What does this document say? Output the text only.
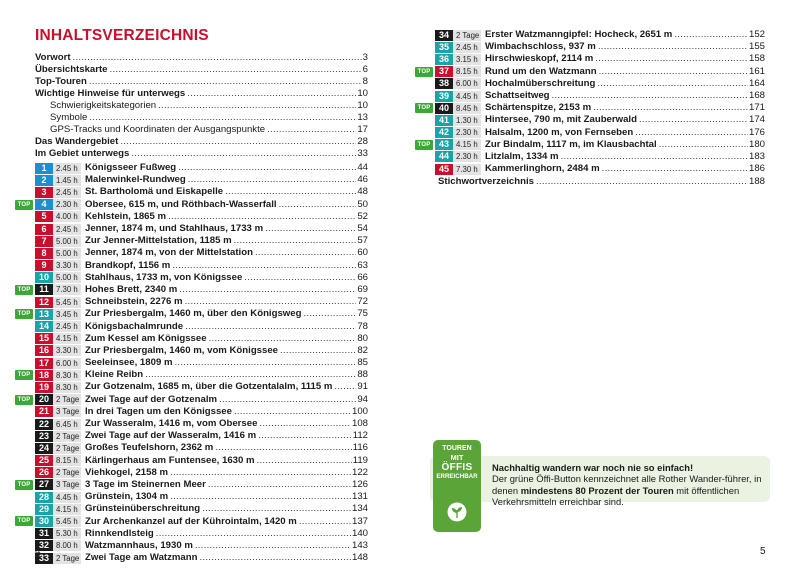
INHALTSVERZEICHNIS
Vorwort . . .	3
Übersichtskarte . . .	6
Top-Touren . . .	8
Wichtige Hinweise für unterwegs . . .	10
Schwierigkeitskategorien . . .	10
Symbole . . .	13
GPS-Tracks und Koordinaten der Ausgangspunkte . . .	17
Das Wandergebiet . . .	28
Im Gebiet unterwegs . . .	33
1	2.45 h Königsseer Fußweg . . .	44
2	1.45 h Malerwinkel-Rundweg . . .	46
3	2.45 h St. Bartholomä und Eiskapelle . . .	48
TOP	4	2.30 h Obersee, 615 m, und Röthbach-Wasserfall . . .	50
5	4.00 h Kehlstein, 1865 m . . .	52
6	2.45 h Jenner, 1874 m, und Stahlhaus, 1733 m . . .	54
7	5.00 h Zur Jenner-Mittelstation, 1185 m . . .	57
8	5.00 h Jenner, 1874 m, von der Mittelstation . . .	60
9	3.30 h Brandkopf, 1156 m . . .	63
10 5.00 h Stahlhaus, 1733 m, von Königssee . . .	66
TOP 11 7.30 h Hohes Brett, 2340 m . . .	69
12 5.45 h Schneibstein, 2276 m . . .	72
TOP 13 3.45 h Zur Priesbergalm, 1460 m, über den Königsweg . . .	75
14 2.45 h Königsbachalmrunde . . .	78
15 4.15 h Zum Kessel am Königssee . . .	80
16 3.30 h Zur Priesbergalm, 1460 m, vom Königssee . . .	82
17 6.00 h Seeleinsee, 1809 m . . .	85
TOP 18 8.30 h Kleine Reibn . . .	88
19 8.30 h Zur Gotzenalm, 1685 m, über die Gotzentalalm, 1115 m . . .	91
TOP 20 2 Tage Zwei Tage auf der Gotzenalm . . .	94
21 3 Tage In drei Tagen um den Königssee . . .	100
22 6.45 h Zur Wasseralm, 1416 m, vom Obersee . . .	108
23 2 Tage Zwei Tage auf der Wasseralm, 1416 m . . .	112
24 2 Tage Großes Teufelshorn, 2362 m . . .	116
25 8.15 h Kärlingerhaus am Funtensee, 1630 m . . .	119
26 2 Tage Viehkogel, 2158 m . . .	122
TOP 27 3 Tage 3 Tage im Steinernen Meer . . .	126
28 4.45 h Grünstein, 1304 m . . .	131
29 4.15 h Grünsteinüberschreitung . . .	134
TOP 30 5.45 h Zur Archenkanzel auf der Kührointalm, 1420 m . . .	137
31 5.30 h Rinnkendlsteig . . .	140
32 8.00 h Watzmannhaus, 1930 m . . .	143
33 2 Tage Zwei Tage am Watzmann . . .	148
4
34 2 Tage Erster Watzmanngipfel: Hocheck, 2651 m . . .	152
35 2.45 h Wimbachschloss, 937 m . . .	155
36 3.15 h Hirschwieskopf, 2114 m . . .	158
TOP 37 8.15 h Rund um den Watzmann . . .	161
38 6.00 h Hochalmüberschreitung . . .	164
39 4.45 h Schattseitweg . . .	168
TOP 40 8.45 h Schärtenspitze, 2153 m . . .	171
41 1.30 h Hintersee, 790 m, mit Zauberwald . . .	174
42 2.30 h Halsalm, 1200 m, von Fernseben . . .	176
TOP 43 4.15 h Zur Bindalm, 1117 m, im Klausbachtal . . .	180
44 2.30 h Litzlalm, 1334 m . . .	183
45 7.30 h Kammerlinghorn, 2484 m . . .	186
Stichwortverzeichnis . . .	188
TOUREN
MIT
ÖFFIS
ERREICHBAR
Nachhaltig wandern war noch nie so einfach!
Der grüne Öffi-Button kennzeichnet alle Rother Wander-führer, in denen mindestens 80 Prozent der Touren mit öffentlichen Verkehrsmitteln erreichbar sind.
5
